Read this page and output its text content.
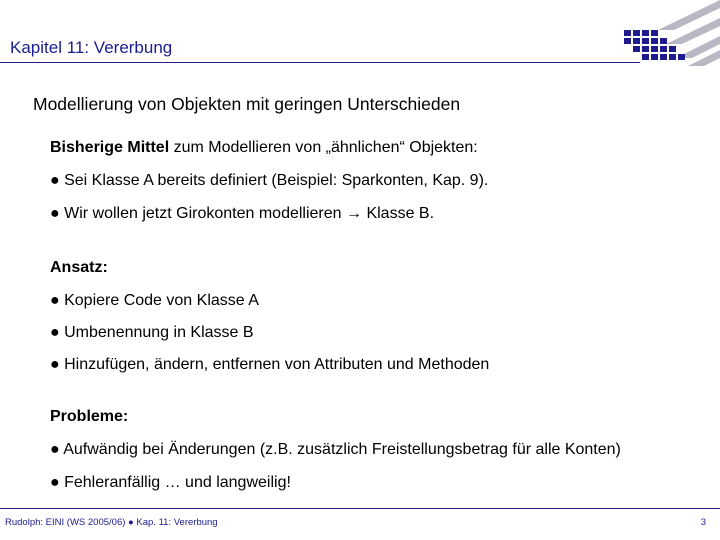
Kapitel 11: Vererbung
Modellierung von Objekten mit geringen Unterschieden
Bisherige Mittel zum Modellieren von „ähnlichen“ Objekten:
● Sei Klasse A bereits definiert (Beispiel: Sparkonten, Kap. 9).
● Wir wollen jetzt Girokonten modellieren → Klasse B.
Ansatz:
● Kopiere Code von Klasse A
● Umbenennung in Klasse B
● Hinzufügen, ändern, entfernen von Attributen und Methoden
Probleme:
● Aufwändig bei Änderungen (z.B. zusätzlich Freistellungsbetrag für alle Konten)
● Fehleranfällig … und langweilig!
Rudolph: EINI (WS 2005/06) ● Kap. 11: Vererbung	3
